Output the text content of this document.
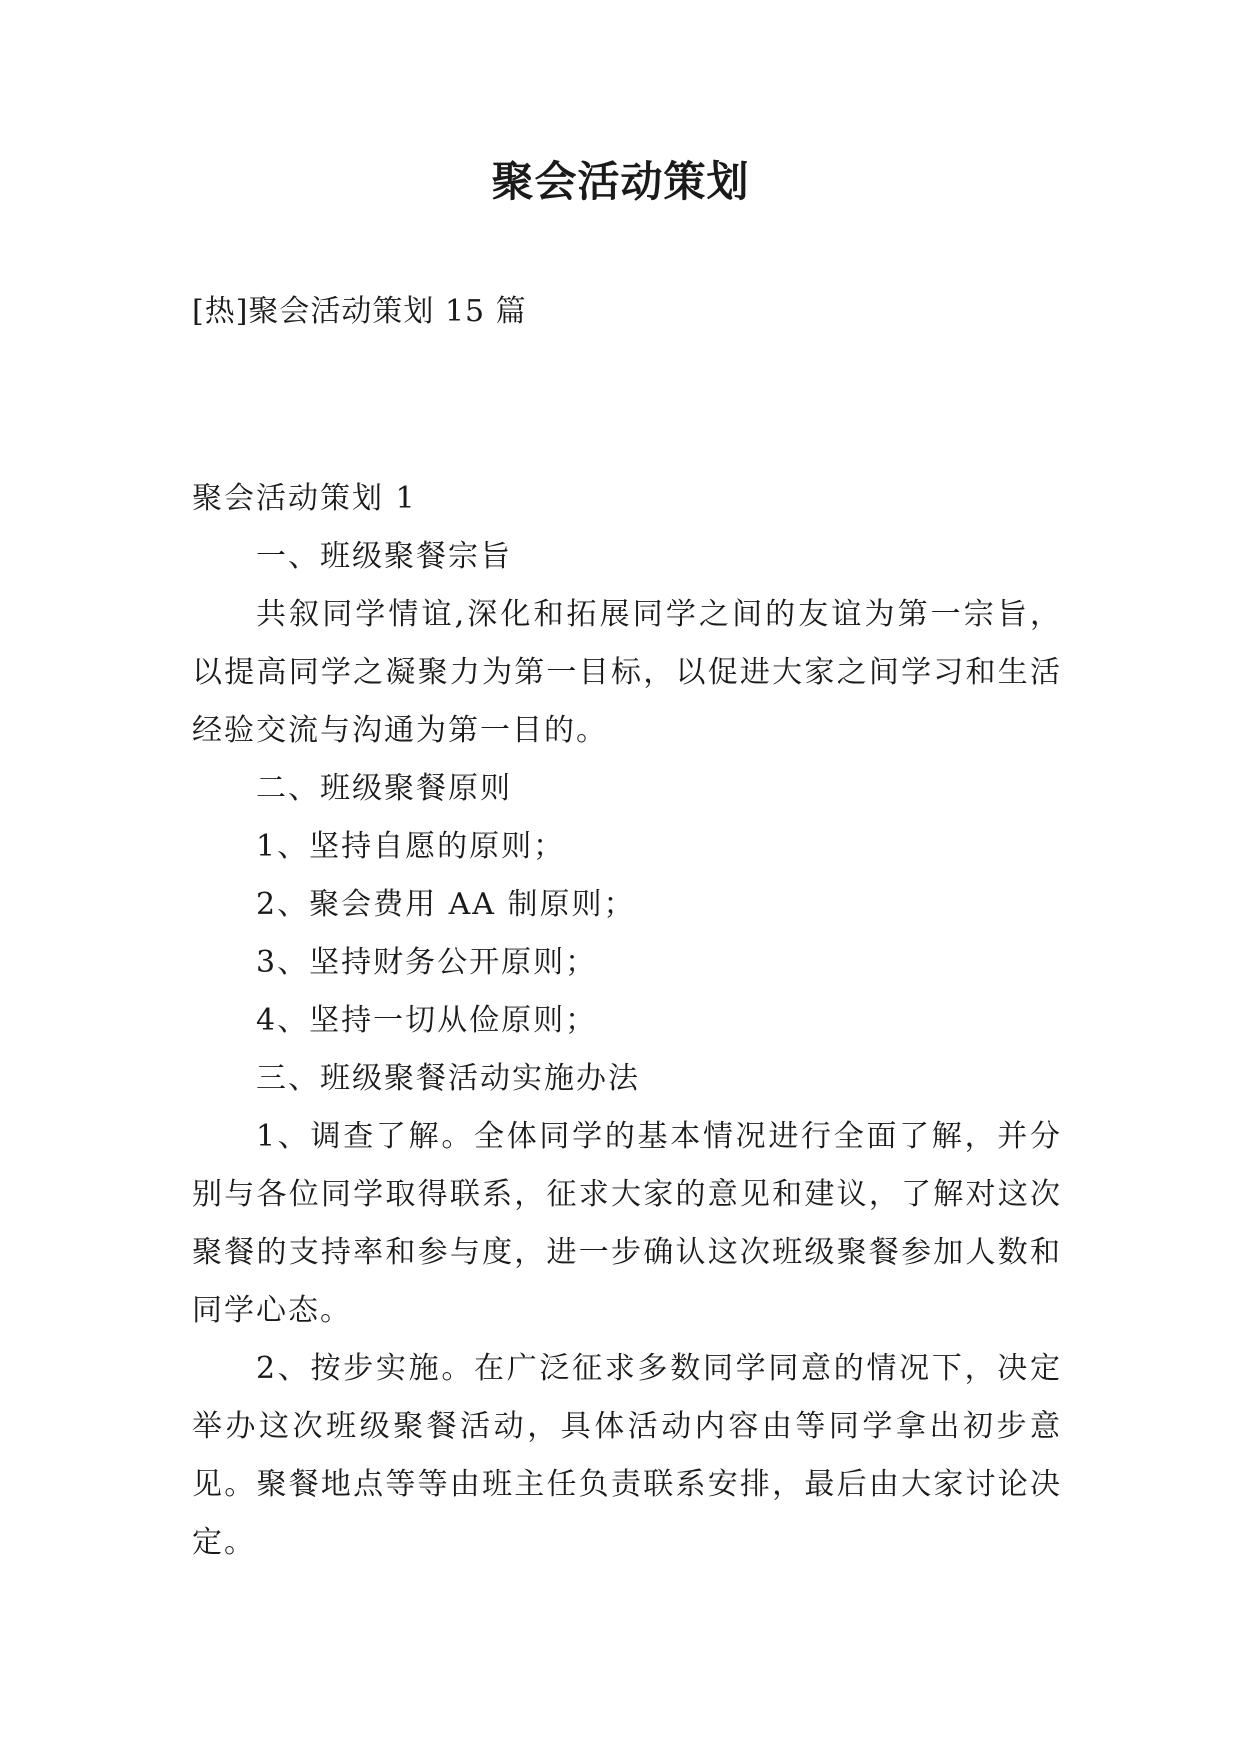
聚会活动策划
[热]聚会活动策划 15 篇

聚会活动策划 1

一、班级聚餐宗旨

共叙同学情谊,深化和拓展同学之间的友谊为第一宗旨，以提高同学之凝聚力为第一目标，以促进大家之间学习和生活经验交流与沟通为第一目的。

二、班级聚餐原则

1、坚持自愿的原则；

2、聚会费用 AA 制原则；

3、坚持财务公开原则；

4、坚持一切从俭原则；

三、班级聚餐活动实施办法

1、调查了解。全体同学的基本情况进行全面了解，并分别与各位同学取得联系，征求大家的意见和建议，了解对这次聚餐的支持率和参与度，进一步确认这次班级聚餐参加人数和同学心态。

2、按步实施。在广泛征求多数同学同意的情况下，决定举办这次班级聚餐活动，具体活动内容由等同学拿出初步意见。聚餐地点等等由班主任负责联系安排，最后由大家讨论决定。
